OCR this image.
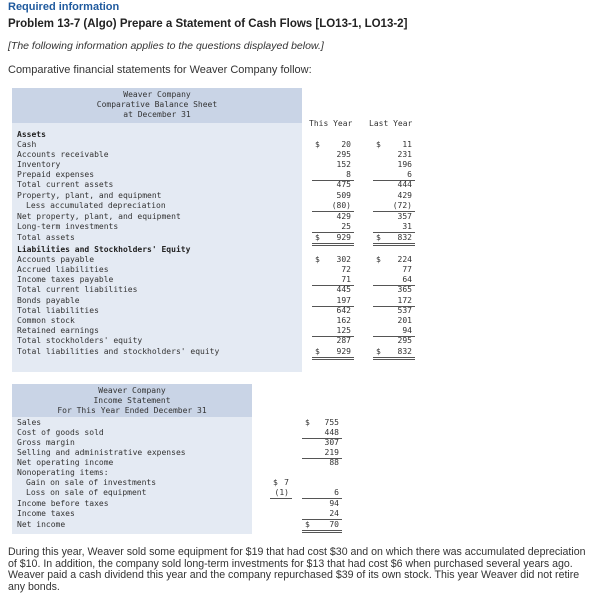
Required information
Problem 13-7 (Algo) Prepare a Statement of Cash Flows [LO13-1, LO13-2]
[The following information applies to the questions displayed below.]
Comparative financial statements for Weaver Company follow:
Weaver Company
Comparative Balance Sheet
at December 31
This Year Last Year
Assets
Cash	$	20	$	11
Accounts receivable	295	231
Inventory	152	196
Prepaid expenses	8	6
Total current assets	475	444
Property, plant, and equipment	509	429
Less accumulated depreciation	(80)	(72)
Net property, plant, and equipment	429	357
Long-term investments	25	31
Total assets	$ 929	$ 832
Liabilities and Stockholders' Equity
Accounts payable	$ 302	$ 224
Accrued liabilities	72	77
Income taxes payable	71	64
Total current liabilities	445	365
Bonds payable	197	172
Total liabilities	642	537
Common stock	162	201
Retained earnings	125	94
Total stockholders' equity	287	295
Total liabilities and stockholders' equity	$ 929	$ 832
Weaver Company
Income Statement
For This Year Ended December 31
Sales	$ 755
Cost of goods sold	448
Gross margin	307
Selling and administrative expenses	219
Net operating income	88
Nonoperating items:
Gain on sale of investments	$ 7
Loss on sale of equipment	(1)	6
Income before taxes	94
Income taxes	24
Net income	$ 70
During this year, Weaver sold some equipment for $19 that had cost $30 and on which there was accumulated depreciation of $10. In addition, the company sold long-term investments for $13 that had cost $6 when purchased several years ago. Weaver paid a cash dividend this year and the company repurchased $39 of its own stock. This year Weaver did not retire any bonds.
